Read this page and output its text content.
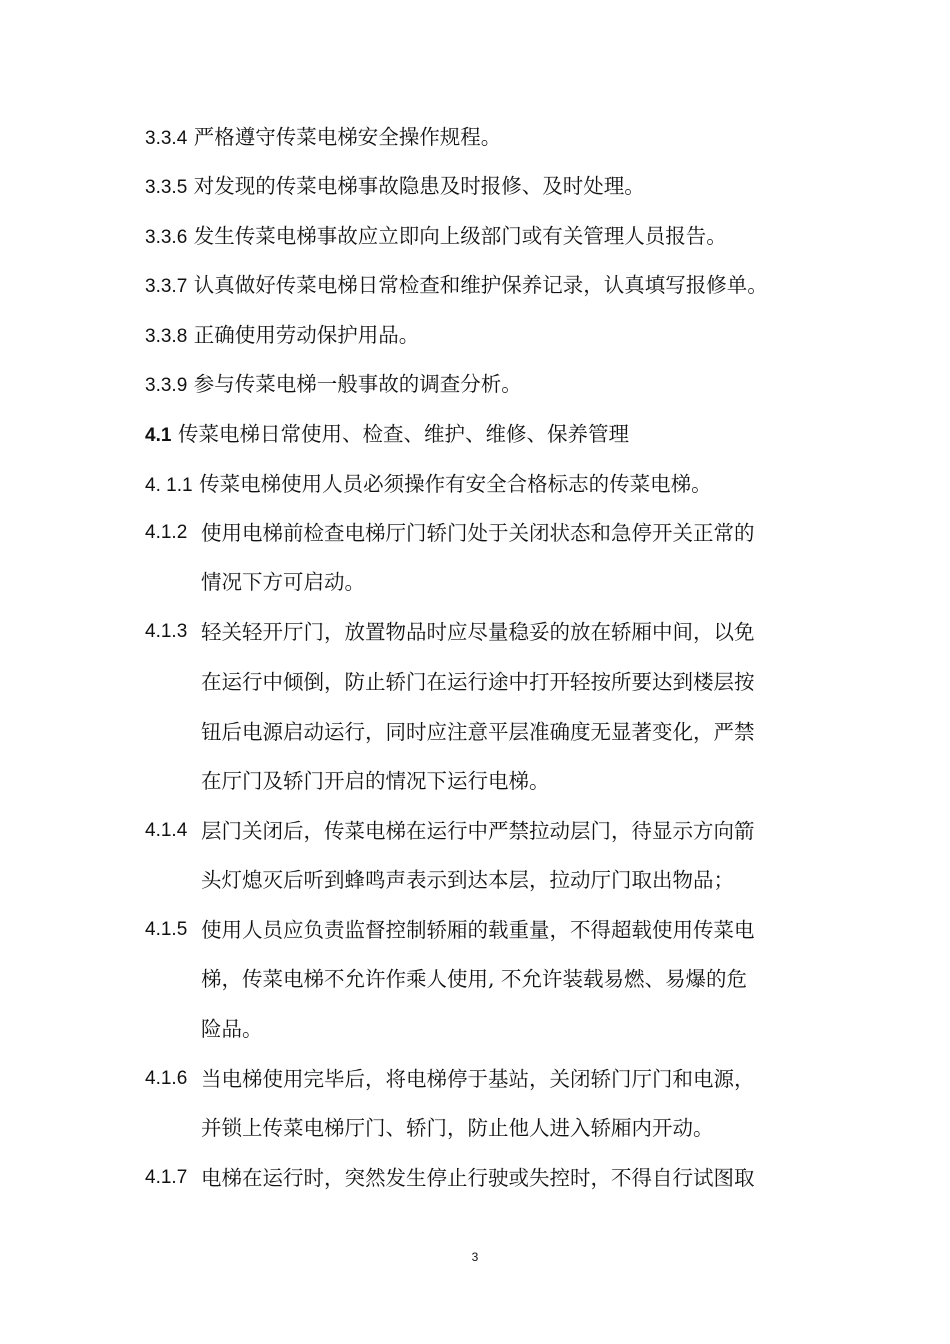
3.3.4 严格遵守传菜电梯安全操作规程。
3.3.5 对发现的传菜电梯事故隐患及时报修、及时处理。
3.3.6 发生传菜电梯事故应立即向上级部门或有关管理人员报告。
3.3.7 认真做好传菜电梯日常检查和维护保养记录，认真填写报修单。
3.3.8 正确使用劳动保护用品。
3.3.9 参与传菜电梯一般事故的调查分析。
4.1 传菜电梯日常使用、检查、维护、维修、保养管理
4. 1.1 传菜电梯使用人员必须操作有安全合格标志的传菜电梯。
4.1.2 使用电梯前检查电梯厅门轿门处于关闭状态和急停开关正常的
情况下方可启动。
4.1.3 轻关轻开厅门，放置物品时应尽量稳妥的放在轿厢中间，以免
在运行中倾倒，防止轿门在运行途中打开轻按所要达到楼层按
钮后电源启动运行，同时应注意平层准确度无显著变化，严禁
在厅门及轿门开启的情况下运行电梯。
4.1.4 层门关闭后，传菜电梯在运行中严禁拉动层门，待显示方向箭
头灯熄灭后听到蜂鸣声表示到达本层，拉动厅门取出物品；
4.1.5 使用人员应负责监督控制轿厢的载重量，不得超载使用传菜电
梯，传菜电梯不允许作乘人使用, 不允许装载易燃、易爆的危
险品。
4.1.6 当电梯使用完毕后，将电梯停于基站，关闭轿门厅门和电源，
并锁上传菜电梯厅门、轿门，防止他人进入轿厢内开动。
4.1.7 电梯在运行时，突然发生停止行驶或失控时，不得自行试图取
3
